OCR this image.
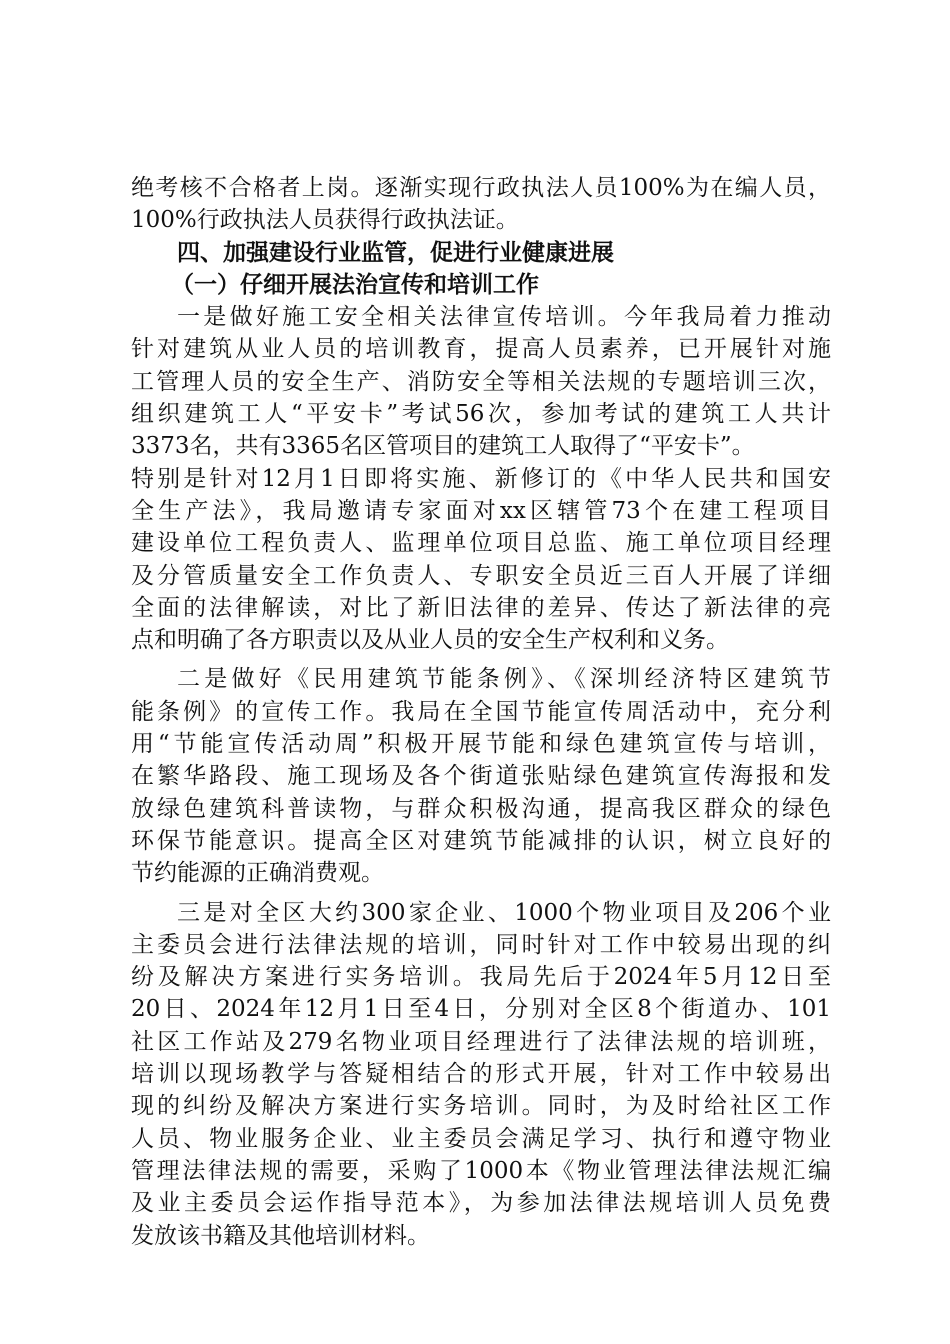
绝考核不合格者上岗。逐渐实现行政执法人员100%为在编人员，
100%行政执法人员获得行政执法证。
四、加强建设行业监管，促进行业健康进展
（一）仔细开展法治宣传和培训工作
一是做好施工安全相关法律宣传培训。今年我局着力推动
针对建筑从业人员的培训教育，提高人员素养，已开展针对施
工管理人员的安全生产、消防安全等相关法规的专题培训三次，
组织建筑工人“平安卡”考试56次，参加考试的建筑工人共计
3373名，共有3365名区管项目的建筑工人取得了“平安卡”。
特别是针对12月1日即将实施、新修订的《中华人民共和国安
全生产法》，我局邀请专家面对xx区辖管73个在建工程项目
建设单位工程负责人、监理单位项目总监、施工单位项目经理
及分管质量安全工作负责人、专职安全员近三百人开展了详细
全面的法律解读，对比了新旧法律的差异、传达了新法律的亮
点和明确了各方职责以及从业人员的安全生产权利和义务。
二是做好《民用建筑节能条例》、《深圳经济特区建筑节
能条例》的宣传工作。我局在全国节能宣传周活动中，充分利
用“节能宣传活动周”积极开展节能和绿色建筑宣传与培训，
在繁华路段、施工现场及各个街道张贴绿色建筑宣传海报和发
放绿色建筑科普读物，与群众积极沟通，提高我区群众的绿色
环保节能意识。提高全区对建筑节能减排的认识，树立良好的
节约能源的正确消费观。
三是对全区大约300家企业、1000个物业项目及206个业
主委员会进行法律法规的培训，同时针对工作中较易出现的纠
纷及解决方案进行实务培训。我局先后于2024年5月12日至
20日、2024年12月1日至4日，分别对全区8个街道办、101
社区工作站及279名物业项目经理进行了法律法规的培训班，
培训以现场教学与答疑相结合的形式开展，针对工作中较易出
现的纠纷及解决方案进行实务培训。同时，为及时给社区工作
人员、物业服务企业、业主委员会满足学习、执行和遵守物业
管理法律法规的需要，采购了1000本《物业管理法律法规汇编
及业主委员会运作指导范本》，为参加法律法规培训人员免费
发放该书籍及其他培训材料。
